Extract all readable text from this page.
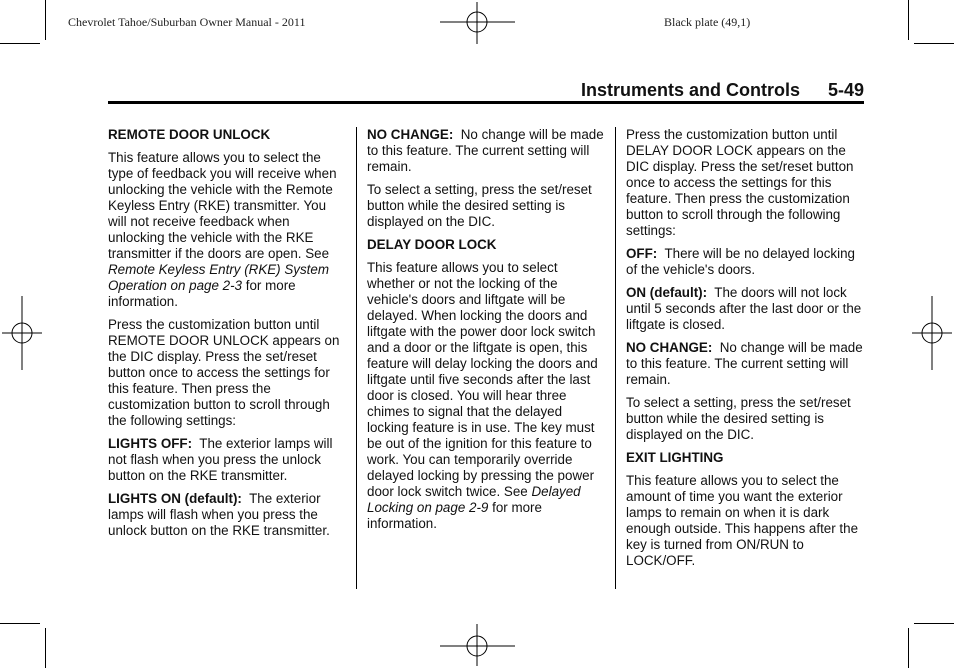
Chevrolet Tahoe/Suburban Owner Manual - 2011	Black plate (49,1)
Instruments and Controls 5-49
REMOTE DOOR UNLOCK

This feature allows you to select the type of feedback you will receive when unlocking the vehicle with the Remote Keyless Entry (RKE) transmitter. You will not receive feedback when unlocking the vehicle with the RKE transmitter if the doors are open. See Remote Keyless Entry (RKE) System Operation on page 2-3 for more information.

Press the customization button until REMOTE DOOR UNLOCK appears on the DIC display. Press the set/reset button once to access the settings for this feature. Then press the customization button to scroll through the following settings:

LIGHTS OFF: The exterior lamps will not flash when you press the unlock button on the RKE transmitter.

LIGHTS ON (default): The exterior lamps will flash when you press the unlock button on the RKE transmitter.

NO CHANGE: No change will be made to this feature. The current setting will remain.

To select a setting, press the set/reset button while the desired setting is displayed on the DIC.

DELAY DOOR LOCK

This feature allows you to select whether or not the locking of the vehicle's doors and liftgate will be delayed. When locking the doors and liftgate with the power door lock switch and a door or the liftgate is open, this feature will delay locking the doors and liftgate until five seconds after the last door is closed. You will hear three chimes to signal that the delayed locking feature is in use. The key must be out of the ignition for this feature to work. You can temporarily override delayed locking by pressing the power door lock switch twice. See Delayed Locking on page 2-9 for more information.

Press the customization button until DELAY DOOR LOCK appears on the DIC display. Press the set/reset button once to access the settings for this feature. Then press the customization button to scroll through the following settings:

OFF: There will be no delayed locking of the vehicle's doors.

ON (default): The doors will not lock until 5 seconds after the last door or the liftgate is closed.

NO CHANGE: No change will be made to this feature. The current setting will remain.

To select a setting, press the set/reset button while the desired setting is displayed on the DIC.

EXIT LIGHTING

This feature allows you to select the amount of time you want the exterior lamps to remain on when it is dark enough outside. This happens after the key is turned from ON/RUN to LOCK/OFF.
